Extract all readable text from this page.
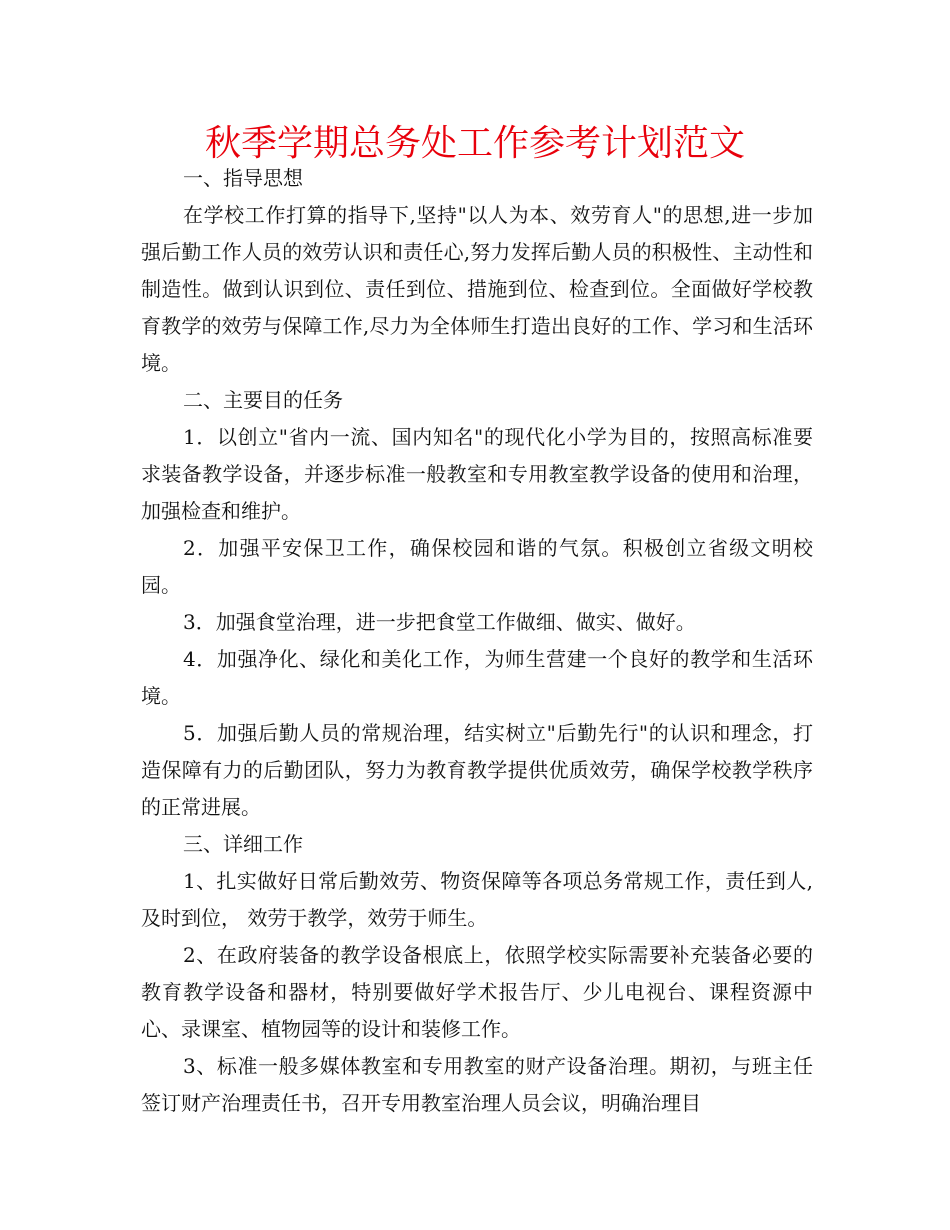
秋季学期总务处工作参考计划范文

一、指导思想

在学校工作打算的指导下,坚持"以人为本、效劳育人"的思想,进一步加强后勤工作人员的效劳认识和责任心,努力发挥后勤人员的积极性、主动性和制造性。做到认识到位、责任到位、措施到位、检查到位。全面做好学校教育教学的效劳与保障工作,尽力为全体师生打造出良好的工作、学习和生活环境。

二、主要目的任务

1．以创立"省内一流、国内知名"的现代化小学为目的，按照高标准要求装备教学设备，并逐步标准一般教室和专用教室教学设备的使用和治理，加强检查和维护。

2．加强平安保卫工作，确保校园和谐的气氛。积极创立省级文明校园。

3．加强食堂治理，进一步把食堂工作做细、做实、做好。

4．加强净化、绿化和美化工作，为师生营建一个良好的教学和生活环境。

5．加强后勤人员的常规治理，结实树立"后勤先行"的认识和理念，打造保障有力的后勤团队，努力为教育教学提供优质效劳，确保学校教学秩序的正常进展。

三、详细工作

1、扎实做好日常后勤效劳、物资保障等各项总务常规工作，责任到人,及时到位， 效劳于教学，效劳于师生。

2、在政府装备的教学设备根底上，依照学校实际需要补充装备必要的教育教学设备和器材，特别要做好学术报告厅、少儿电视台、课程资源中心、录课室、植物园等的设计和装修工作。

3、标准一般多媒体教室和专用教室的财产设备治理。期初，与班主任签订财产治理责任书，召开专用教室治理人员会议，明确治理目
